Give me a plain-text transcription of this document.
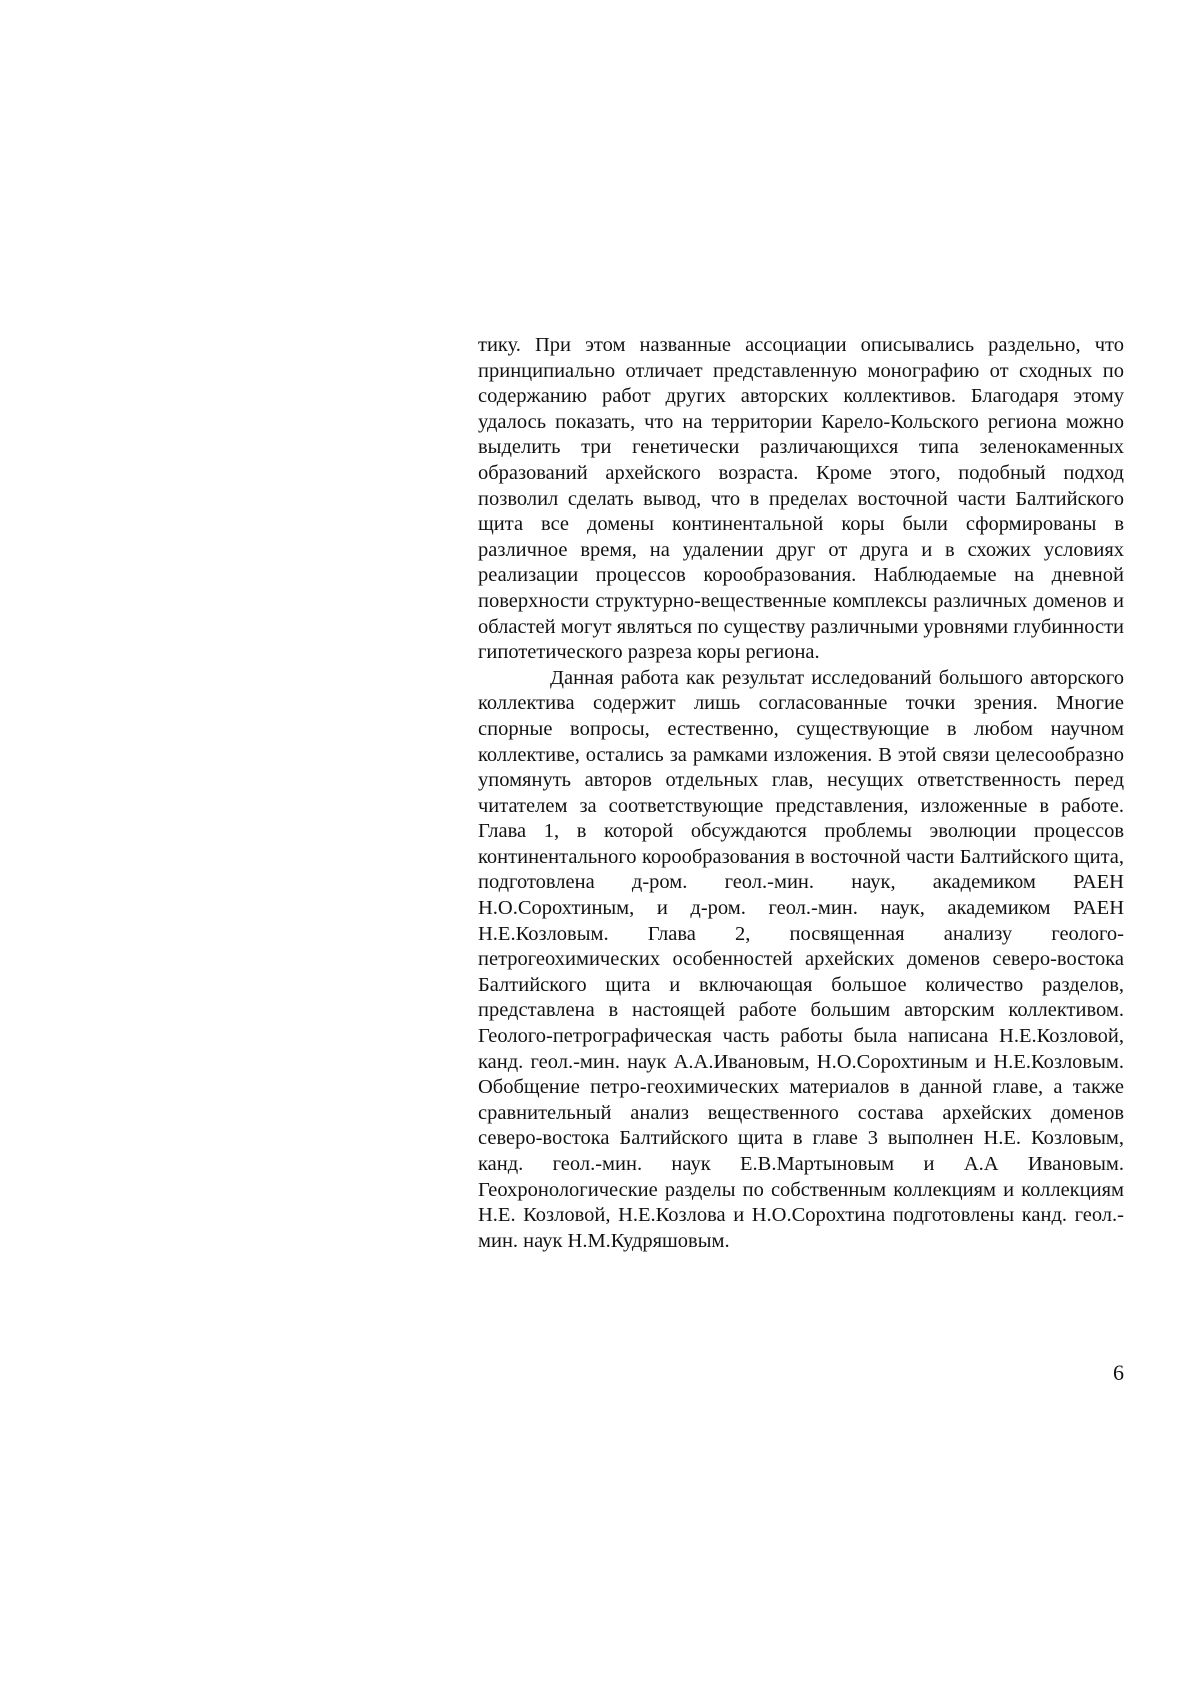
тику. При этом названные ассоциации описывались раздельно, что принципиально отличает представленную монографию от сходных по содержанию работ других авторских коллективов. Благодаря этому удалось показать, что на территории Карело-Кольского региона можно выделить три генетически различающихся типа зеленокаменных образований архейского возраста. Кроме этого, подобный подход позволил сделать вывод, что в пределах восточной части Балтийского щита все домены континентальной коры были сформированы в различное время, на удалении друг от друга и в схожих условиях реализации процессов корообразования. Наблюдаемые на дневной поверхности структурно-вещественные комплексы различных доменов и областей могут являться по существу различными уровнями глубинности гипотетического разреза коры региона.

Данная работа как результат исследований большого авторского коллектива содержит лишь согласованные точки зрения. Многие спорные вопросы, естественно, существующие в любом научном коллективе, остались за рамками изложения. В этой связи целесообразно упомянуть авторов отдельных глав, несущих ответственность перед читателем за соответствующие представления, изложенные в работе. Глава 1, в которой обсуждаются проблемы эволюции процессов континентального корообразования в восточной части Балтийского щита, подготовлена д-ром. геол.-мин. наук, академиком РАЕН Н.О.Сорохтиным, и д-ром. геол.-мин. наук, академиком РАЕН Н.Е.Козловым. Глава 2, посвященная анализу геолого-петрогеохимических особенностей архейских доменов северо-востока Балтийского щита и включающая большое количество разделов, представлена в настоящей работе большим авторским коллективом. Геолого-петрографическая часть работы была написана Н.Е.Козловой, канд. геол.-мин. наук А.А.Ивановым, Н.О.Сорохтиным и Н.Е.Козловым. Обобщение петро-геохимических материалов в данной главе, а также сравнительный анализ вещественного состава архейских доменов северо-востока Балтийского щита в главе 3 выполнен Н.Е. Козловым, канд. геол.-мин. наук Е.В.Мартыновым и А.А Ивановым. Геохронологические разделы по собственным коллекциям и коллекциям Н.Е. Козловой, Н.Е.Козлова и Н.О.Сорохтина подготовлены канд. геол.-мин. наук Н.М.Кудряшовым.

6
